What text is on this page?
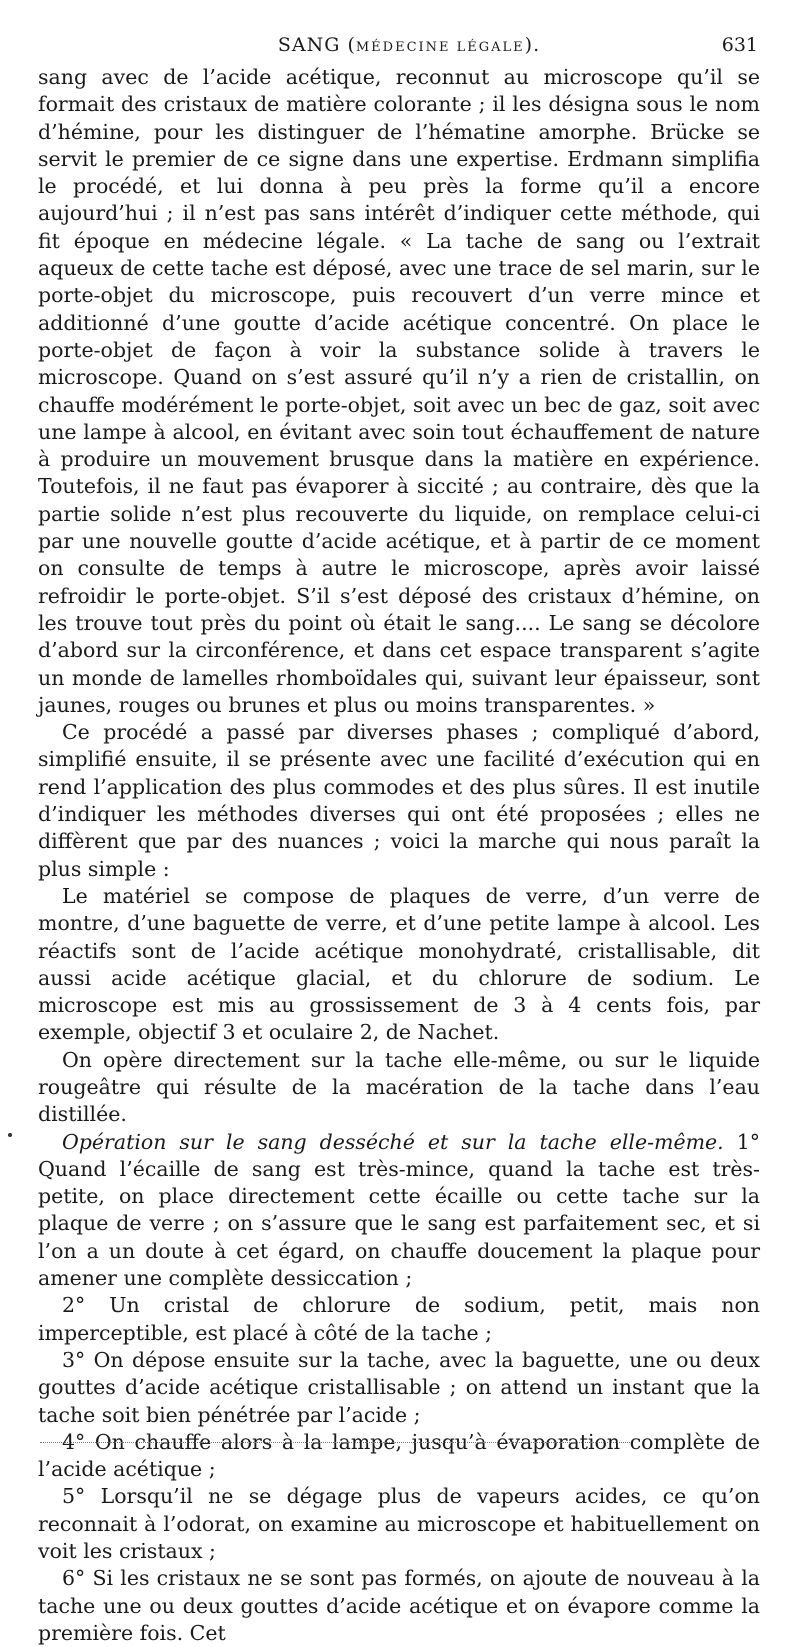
SANG (MÉDECINE LÉGALE).	631

sang avec de l’acide acétique, reconnut au microscope qu’il se formait des cristaux de matière colorante ; il les désigna sous le nom d’hémine, pour les distinguer de l’hématine amorphe. Brücke se servit le premier de ce signe dans une expertise. Erdmann simplifia le procédé, et lui donna à peu près la forme qu’il a encore aujourd’hui ; il n’est pas sans intérêt d’indiquer cette méthode, qui fit époque en médecine légale. « La tache de sang ou l’extrait aqueux de cette tache est déposé, avec une trace de sel marin, sur le porte-objet du microscope, puis recouvert d’un verre mince et additionné d’une goutte d’acide acétique concentré. On place le porte-objet de façon à voir la substance solide à travers le microscope. Quand on s’est assuré qu’il n’y a rien de cristallin, on chauffe modérément le porte-objet, soit avec un bec de gaz, soit avec une lampe à alcool, en évitant avec soin tout échauffement de nature à produire un mouvement brusque dans la matière en expérience. Toutefois, il ne faut pas évaporer à siccité ; au contraire, dès que la partie solide n’est plus recouverte du liquide, on remplace celui-ci par une nouvelle goutte d’acide acétique, et à partir de ce moment on consulte de temps à autre le microscope, après avoir laissé refroidir le porte-objet. S’il s’est déposé des cristaux d’hémine, on les trouve tout près du point où était le sang.... Le sang se décolore d’abord sur la circonférence, et dans cet espace transparent s’agite un monde de lamelles rhomboïdales qui, suivant leur épaisseur, sont jaunes, rouges ou brunes et plus ou moins transparentes. »

Ce procédé a passé par diverses phases ; compliqué d’abord, simplifié ensuite, il se présente avec une facilité d’exécution qui en rend l’application des plus commodes et des plus sûres. Il est inutile d’indiquer les méthodes diverses qui ont été proposées ; elles ne diffèrent que par des nuances ; voici la marche qui nous paraît la plus simple :

Le matériel se compose de plaques de verre, d’un verre de montre, d’une baguette de verre, et d’une petite lampe à alcool. Les réactifs sont de l’acide acétique monohydraté, cristallisable, dit aussi acide acétique glacial, et du chlorure de sodium. Le microscope est mis au grossissement de 3 à 4 cents fois, par exemple, objectif 3 et oculaire 2, de Nachet.

On opère directement sur la tache elle-même, ou sur le liquide rougeâtre qui résulte de la macération de la tache dans l’eau distillée.

Opération sur le sang desséché et sur la tache elle-même. 1° Quand l’écaille de sang est très-mince, quand la tache est très-petite, on place directement cette écaille ou cette tache sur la plaque de verre ; on s’assure que le sang est parfaitement sec, et si l’on a un doute à cet égard, on chauffe doucement la plaque pour amener une complète dessiccation ;

2° Un cristal de chlorure de sodium, petit, mais non imperceptible, est placé à côté de la tache ;

3° On dépose ensuite sur la tache, avec la baguette, une ou deux gouttes d’acide acétique cristallisable ; on attend un instant que la tache soit bien pénétrée par l’acide ;

4° On chauffe alors à la lampe, jusqu’à évaporation complète de l’acide acétique ;

5° Lorsqu’il ne se dégage plus de vapeurs acides, ce qu’on reconnait à l’odorat, on examine au microscope et habituellement on voit les cristaux ;

6° Si les cristaux ne se sont pas formés, on ajoute de nouveau à la tache une ou deux gouttes d’acide acétique et on évapore comme la première fois. Cet
